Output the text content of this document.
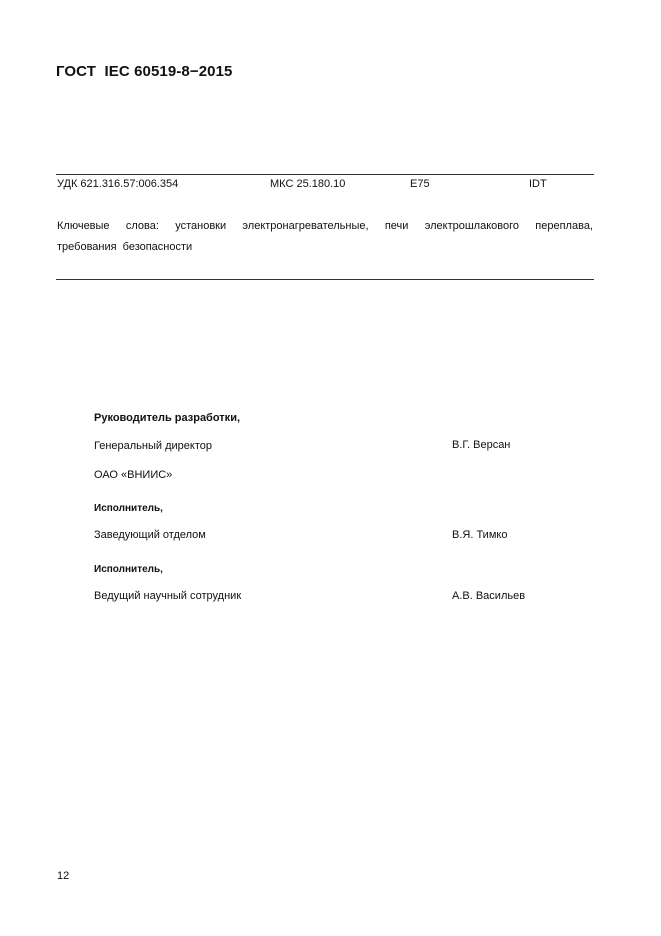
ГОСТ  IEC 60519-8−2015
УДК 621.316.57:006.354	МКС 25.180.10	Е75	IDT
Ключевые слова: установки электронагревательные, печи электрошлакового переплава, требования безопасности
Руководитель разработки,
Генеральный директор	В.Г. Версан
ОАО «ВНИИС»
Исполнитель,
Заведующий отделом	В.Я. Тимко
Исполнитель,
Ведущий научный сотрудник	А.В. Васильев
12
